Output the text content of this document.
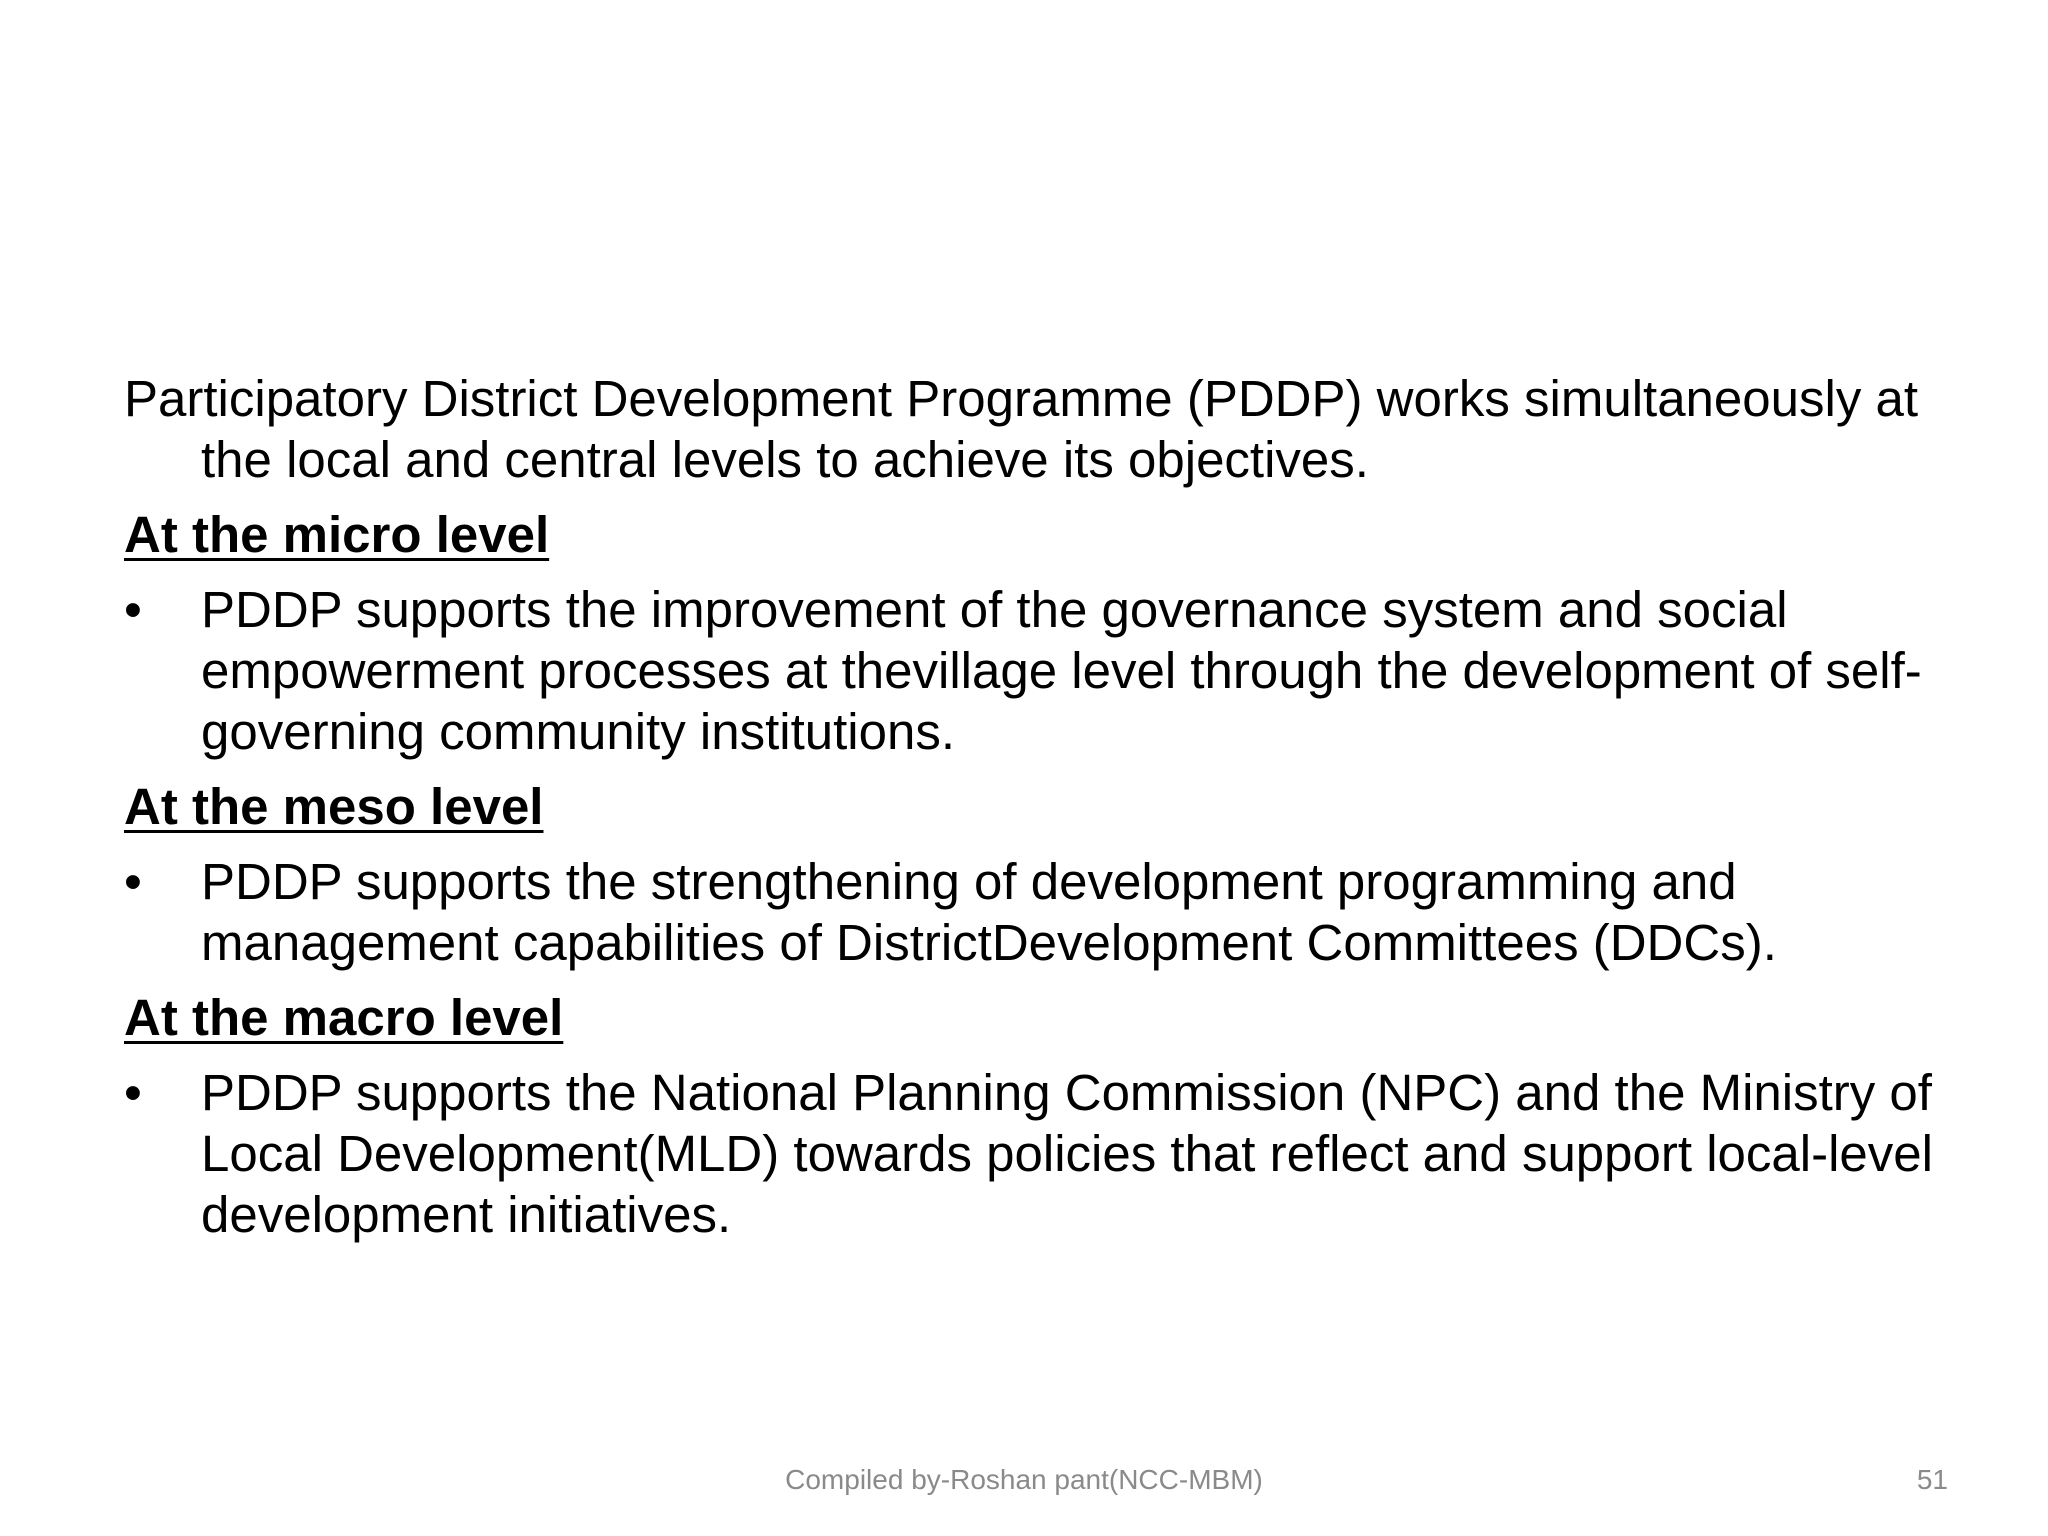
Participatory District Development Programme (PDDP) works simultaneously at the local and central levels to achieve its objectives.

At the micro level
•	PDDP supports the improvement of the governance system and social empowerment processes at thevillage level through the development of self-governing community institutions.
At the meso level
•	PDDP supports the strengthening of development programming and management capabilities of DistrictDevelopment Committees (DDCs).
At the macro level
•	PDDP supports the National Planning Commission (NPC) and the Ministry of Local Development(MLD) towards policies that reflect and support local-level development initiatives.
Compiled by-Roshan pant(NCC-MBM)	51
